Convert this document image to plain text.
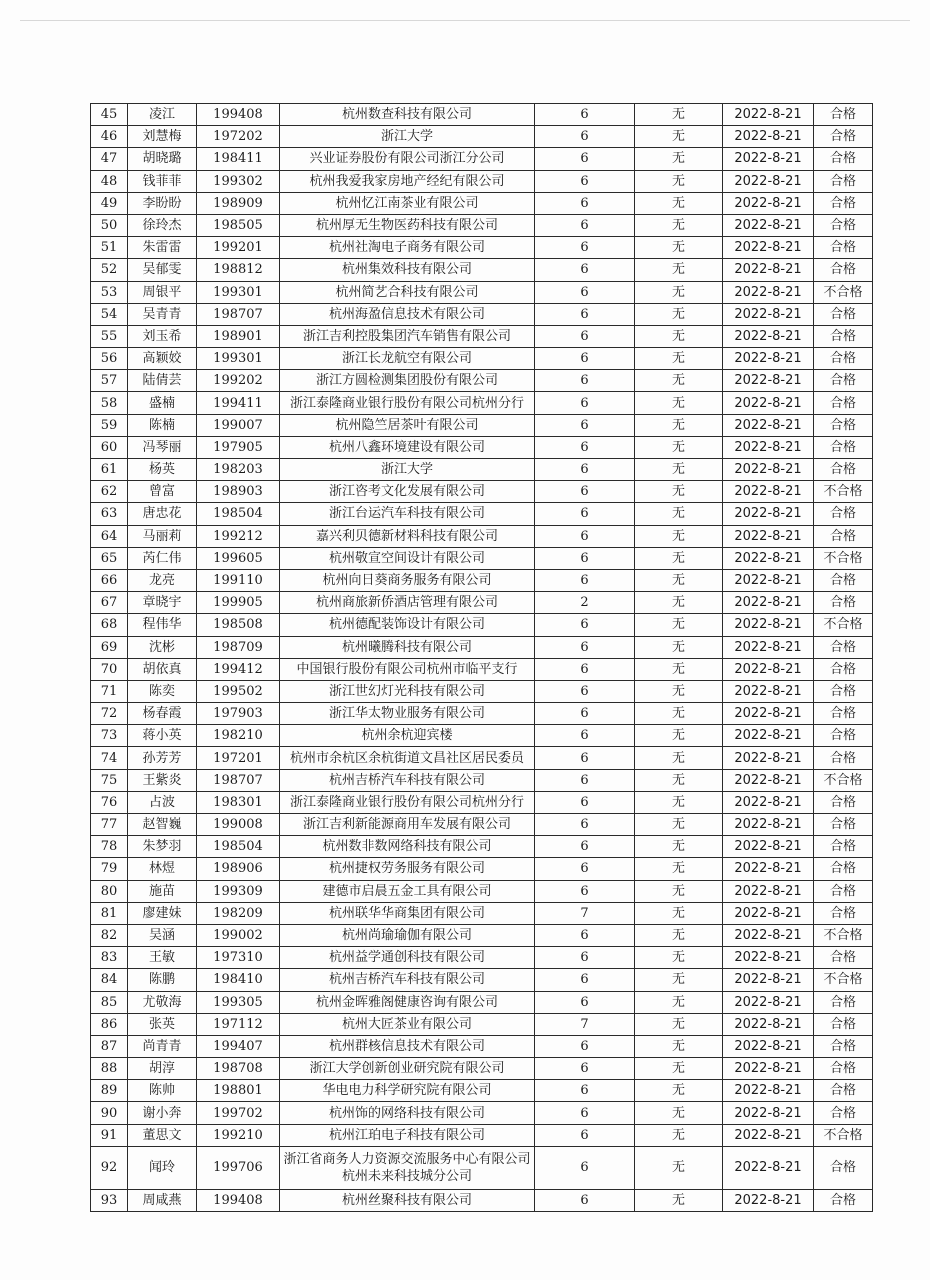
45	凌江	199408	杭州数查科技有限公司	6	无	2022-8-21	合格
46	刘慧梅	197202	浙江大学	6	无	2022-8-21	合格
47	胡晓璐	198411	兴业证券股份有限公司浙江分公司	6	无	2022-8-21	合格
48	钱菲菲	199302	杭州我爱我家房地产经纪有限公司	6	无	2022-8-21	合格
49	李盼盼	198909	杭州忆江南茶业有限公司	6	无	2022-8-21	合格
50	徐玲杰	198505	杭州厚无生物医药科技有限公司	6	无	2022-8-21	合格
51	朱雷雷	199201	杭州社淘电子商务有限公司	6	无	2022-8-21	合格
52	吴郁雯	198812	杭州集效科技有限公司	6	无	2022-8-21	合格
53	周银平	199301	杭州简艺合科技有限公司	6	无	2022-8-21	不合格
54	吴青青	198707	杭州海盈信息技术有限公司	6	无	2022-8-21	合格
55	刘玉希	198901	浙江吉利控股集团汽车销售有限公司	6	无	2022-8-21	合格
56	高颖姣	199301	浙江长龙航空有限公司	6	无	2022-8-21	合格
57	陆倩芸	199202	浙江方圆检测集团股份有限公司	6	无	2022-8-21	合格
58	盛楠	199411	浙江泰隆商业银行股份有限公司杭州分行	6	无	2022-8-21	合格
59	陈楠	199007	杭州隐竺居茶叶有限公司	6	无	2022-8-21	合格
60	冯琴丽	197905	杭州八鑫环境建设有限公司	6	无	2022-8-21	合格
61	杨英	198203	浙江大学	6	无	2022-8-21	合格
62	曾富	198903	浙江咨考文化发展有限公司	6	无	2022-8-21	不合格
63	唐忠花	198504	浙江台运汽车科技有限公司	6	无	2022-8-21	合格
64	马丽莉	199212	嘉兴利贝德新材料科技有限公司	6	无	2022-8-21	合格
65	芮仁伟	199605	杭州敬宣空间设计有限公司	6	无	2022-8-21	不合格
66	龙亮	199110	杭州向日葵商务服务有限公司	6	无	2022-8-21	合格
67	章晓宇	199905	杭州商旅新侨酒店管理有限公司	2	无	2022-8-21	合格
68	程伟华	198508	杭州德配装饰设计有限公司	6	无	2022-8-21	不合格
69	沈彬	198709	杭州曦腾科技有限公司	6	无	2022-8-21	合格
70	胡依真	199412	中国银行股份有限公司杭州市临平支行	6	无	2022-8-21	合格
71	陈奕	199502	浙江世幻灯光科技有限公司	6	无	2022-8-21	合格
72	杨春霞	197903	浙江华太物业服务有限公司	6	无	2022-8-21	合格
73	蒋小英	198210	杭州余杭迎宾楼	6	无	2022-8-21	合格
74	孙芳芳	197201	杭州市余杭区余杭街道文昌社区居民委员	6	无	2022-8-21	合格
75	王紫炎	198707	杭州吉桥汽车科技有限公司	6	无	2022-8-21	不合格
76	占波	198301	浙江泰隆商业银行股份有限公司杭州分行	6	无	2022-8-21	合格
77	赵智巍	199008	浙江吉利新能源商用车发展有限公司	6	无	2022-8-21	合格
78	朱梦羽	198504	杭州数非数网络科技有限公司	6	无	2022-8-21	合格
79	林煜	198906	杭州捷权劳务服务有限公司	6	无	2022-8-21	合格
80	施苗	199309	建德市启晨五金工具有限公司	6	无	2022-8-21	合格
81	廖建妹	198209	杭州联华华商集团有限公司	7	无	2022-8-21	合格
82	吴涵	199002	杭州尚瑜瑜伽有限公司	6	无	2022-8-21	不合格
83	王敏	197310	杭州益学通创科技有限公司	6	无	2022-8-21	合格
84	陈鹏	198410	杭州吉桥汽车科技有限公司	6	无	2022-8-21	不合格
85	尤敬海	199305	杭州金晖雅阁健康咨询有限公司	6	无	2022-8-21	合格
86	张英	197112	杭州大匠茶业有限公司	7	无	2022-8-21	合格
87	尚青青	199407	杭州群核信息技术有限公司	6	无	2022-8-21	合格
88	胡淳	198708	浙江大学创新创业研究院有限公司	6	无	2022-8-21	合格
89	陈帅	198801	华电电力科学研究院有限公司	6	无	2022-8-21	合格
90	谢小奔	199702	杭州饰的网络科技有限公司	6	无	2022-8-21	合格
91	董思文	199210	杭州江珀电子科技有限公司	6	无	2022-8-21	不合格
92	闻玲	199706	浙江省商务人力资源交流服务中心有限公司杭州未来科技城分公司	6	无	2022-8-21	合格
93	周咸燕	199408	杭州丝聚科技有限公司	6	无	2022-8-21	合格
